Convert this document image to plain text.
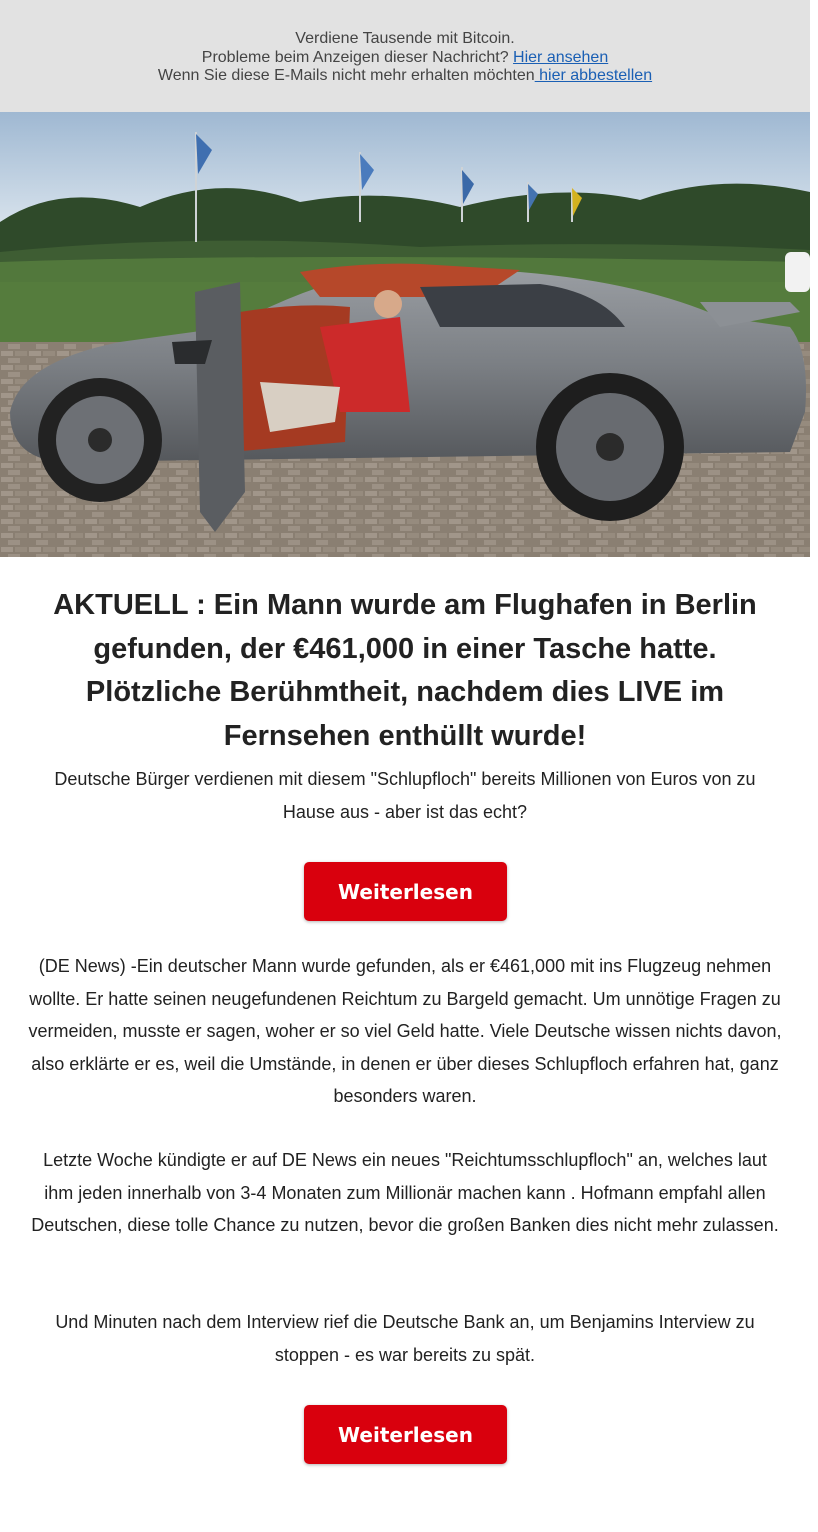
Verdiene Tausende mit Bitcoin.
Probleme beim Anzeigen dieser Nachricht? Hier ansehen
Wenn Sie diese E-Mails nicht mehr erhalten möchten hier abbestellen
AKTUELL : Ein Mann wurde am Flughafen in Berlin gefunden, der €461,000 in einer Tasche hatte. Plötzliche Berühmtheit, nachdem dies LIVE im Fernsehen enthüllt wurde!

Deutsche Bürger verdienen mit diesem "Schlupfloch" bereits Millionen von Euros von zu Hause aus - aber ist das echt?

Weiterlesen

(DE News) -Ein deutscher Mann wurde gefunden, als er €461,000 mit ins Flugzeug nehmen wollte. Er hatte seinen neugefundenen Reichtum zu Bargeld gemacht. Um unnötige Fragen zu vermeiden, musste er sagen, woher er so viel Geld hatte. Viele Deutsche wissen nichts davon, also erklärte er es, weil die Umstände, in denen er über dieses Schlupfloch erfahren hat, ganz besonders waren.

Letzte Woche kündigte er auf DE News ein neues "Reichtumsschlupfloch" an, welches laut ihm jeden innerhalb von 3-4 Monaten zum Millionär machen kann . Hofmann empfahl allen Deutschen, diese tolle Chance zu nutzen, bevor die großen Banken dies nicht mehr zulassen.

Und Minuten nach dem Interview rief die Deutsche Bank an, um Benjamins Interview zu stoppen - es war bereits zu spät.

Weiterlesen
